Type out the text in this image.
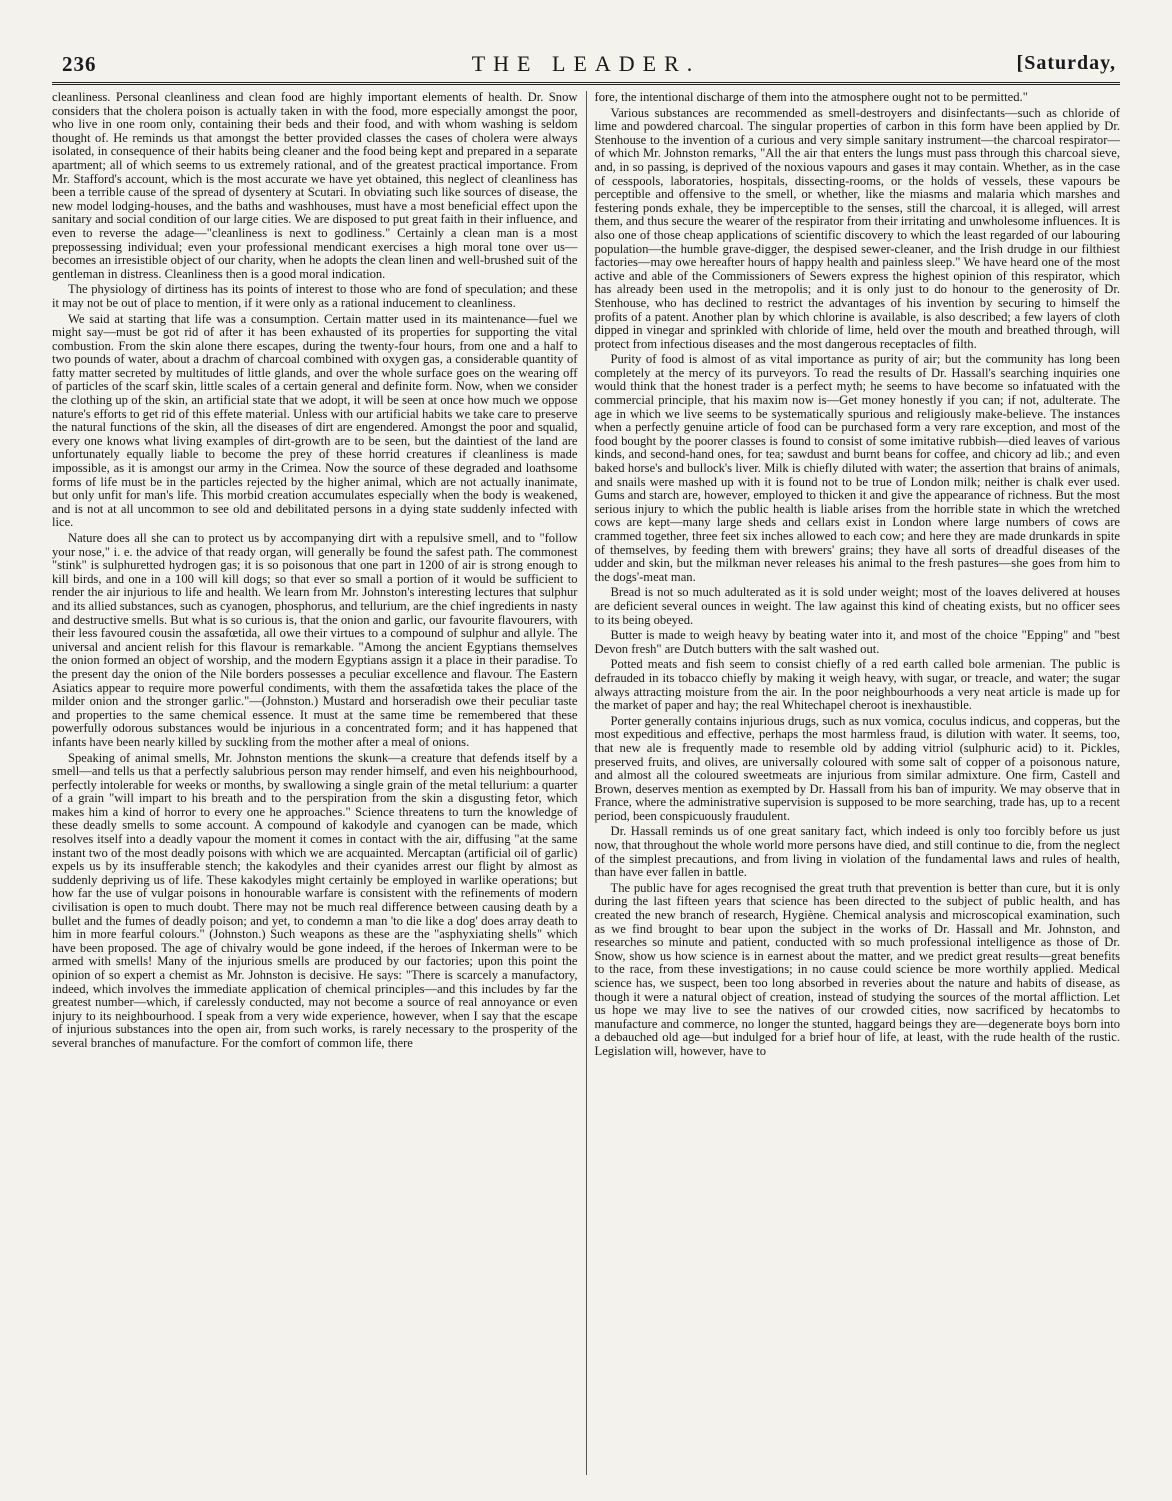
236	THE LEADER.	[Saturday,

cleanliness. Personal cleanliness and clean food are highly important elements of health. Dr. Snow considers that the cholera poison is actually taken in with the food, more especially amongst the poor, who live in one room only, containing their beds and their food, and with whom washing is seldom thought of. He reminds us that amongst the better provided classes the cases of cholera were always isolated, in consequence of their habits being cleaner and the food being kept and prepared in a separate apartment; all of which seems to us extremely rational, and of the greatest practical importance. From Mr. Stafford's account, which is the most accurate we have yet obtained, this neglect of cleanliness has been a terrible cause of the spread of dysentery at Scutari. In obviating such like sources of disease, the new model lodging-houses, and the baths and washhouses, must have a most beneficial effect upon the sanitary and social condition of our large cities. We are disposed to put great faith in their influence, and even to reverse the adage—"cleanliness is next to godliness." Certainly a clean man is a most prepossessing individual; even your professional mendicant exercises a high moral tone over us—becomes an irresistible object of our charity, when he adopts the clean linen and well-brushed suit of the gentleman in distress. Cleanliness then is a good moral indication.

The physiology of dirtiness has its points of interest to those who are fond of speculation; and these it may not be out of place to mention, if it were only as a rational inducement to cleanliness.

We said at starting that life was a consumption. Certain matter used in its maintenance—fuel we might say—must be got rid of after it has been exhausted of its properties for supporting the vital combustion. From the skin alone there escapes, during the twenty-four hours, from one and a half to two pounds of water, about a drachm of charcoal combined with oxygen gas, a considerable quantity of fatty matter secreted by multitudes of little glands, and over the whole surface goes on the wearing off of particles of the scarf skin, little scales of a certain general and definite form. Now, when we consider the clothing up of the skin, an artificial state that we adopt, it will be seen at once how much we oppose nature's efforts to get rid of this effete material. Unless with our artificial habits we take care to preserve the natural functions of the skin, all the diseases of dirt are engendered. Amongst the poor and squalid, every one knows what living examples of dirt-growth are to be seen, but the daintiest of the land are unfortunately equally liable to become the prey of these horrid creatures if cleanliness is made impossible, as it is amongst our army in the Crimea. Now the source of these degraded and loathsome forms of life must be in the particles rejected by the higher animal, which are not actually inanimate, but only unfit for man's life. This morbid creation accumulates especially when the body is weakened, and is not at all uncommon to see old and debilitated persons in a dying state suddenly infected with lice.

Nature does all she can to protect us by accompanying dirt with a repulsive smell, and to "follow your nose," i. e. the advice of that ready organ, will generally be found the safest path. The commonest "stink" is sulphuretted hydrogen gas; it is so poisonous that one part in 1200 of air is strong enough to kill birds, and one in a 100 will kill dogs; so that ever so small a portion of it would be sufficient to render the air injurious to life and health. We learn from Mr. Johnston's interesting lectures that sulphur and its allied substances, such as cyanogen, phosphorus, and tellurium, are the chief ingredients in nasty and destructive smells. But what is so curious is, that the onion and garlic, our favourite flavourers, with their less favoured cousin the assafœtida, all owe their virtues to a compound of sulphur and allyle. The universal and ancient relish for this flavour is remarkable. "Among the ancient Egyptians themselves the onion formed an object of worship, and the modern Egyptians assign it a place in their paradise. To the present day the onion of the Nile borders possesses a peculiar excellence and flavour. The Eastern Asiatics appear to require more powerful condiments, with them the assafœtida takes the place of the milder onion and the stronger garlic."—(Johnston.) Mustard and horseradish owe their peculiar taste and properties to the same chemical essence. It must at the same time be remembered that these powerfully odorous substances would be injurious in a concentrated form; and it has happened that infants have been nearly killed by suckling from the mother after a meal of onions.

Speaking of animal smells, Mr. Johnston mentions the skunk—a creature that defends itself by a smell—and tells us that a perfectly salubrious person may render himself, and even his neighbourhood, perfectly intolerable for weeks or months, by swallowing a single grain of the metal tellurium: a quarter of a grain "will impart to his breath and to the perspiration from the skin a disgusting fetor, which makes him a kind of horror to every one he approaches." Science threatens to turn the knowledge of these deadly smells to some account. A compound of kakodyle and cyanogen can be made, which resolves itself into a deadly vapour the moment it comes in contact with the air, diffusing "at the same instant two of the most deadly poisons with which we are acquainted. Mercaptan (artificial oil of garlic) expels us by its insufferable stench; the kakodyles and their cyanides arrest our flight by almost as suddenly depriving us of life. These kakodyles might certainly be employed in warlike operations; but how far the use of vulgar poisons in honourable warfare is consistent with the refinements of modern civilisation is open to much doubt. There may not be much real difference between causing death by a bullet and the fumes of deadly poison; and yet, to condemn a man 'to die like a dog' does array death to him in more fearful colours." (Johnston.) Such weapons as these are the "asphyxiating shells" which have been proposed. The age of chivalry would be gone indeed, if the heroes of Inkerman were to be armed with smells! Many of the injurious smells are produced by our factories; upon this point the opinion of so expert a chemist as Mr. Johnston is decisive. He says: "There is scarcely a manufactory, indeed, which involves the immediate application of chemical principles—and this includes by far the greatest number—which, if carelessly conducted, may not become a source of real annoyance or even injury to its neighbourhood. I speak from a very wide experience, however, when I say that the escape of injurious substances into the open air, from such works, is rarely necessary to the prosperity of the several branches of manufacture. For the comfort of common life, there

fore, the intentional discharge of them into the atmosphere ought not to be permitted."

Various substances are recommended as smell-destroyers and disinfectants—such as chloride of lime and powdered charcoal. The singular properties of carbon in this form have been applied by Dr. Stenhouse to the invention of a curious and very simple sanitary instrument—the charcoal respirator—of which Mr. Johnston remarks, "All the air that enters the lungs must pass through this charcoal sieve, and, in so passing, is deprived of the noxious vapours and gases it may contain. Whether, as in the case of cesspools, laboratories, hospitals, dissecting-rooms, or the holds of vessels, these vapours be perceptible and offensive to the smell, or whether, like the miasms and malaria which marshes and festering ponds exhale, they be imperceptible to the senses, still the charcoal, it is alleged, will arrest them, and thus secure the wearer of the respirator from their irritating and unwholesome influences. It is also one of those cheap applications of scientific discovery to which the least regarded of our labouring population—the humble grave-digger, the despised sewer-cleaner, and the Irish drudge in our filthiest factories—may owe hereafter hours of happy health and painless sleep." We have heard one of the most active and able of the Commissioners of Sewers express the highest opinion of this respirator, which has already been used in the metropolis; and it is only just to do honour to the generosity of Dr. Stenhouse, who has declined to restrict the advantages of his invention by securing to himself the profits of a patent. Another plan by which chlorine is available, is also described; a few layers of cloth dipped in vinegar and sprinkled with chloride of lime, held over the mouth and breathed through, will protect from infectious diseases and the most dangerous receptacles of filth.

Purity of food is almost of as vital importance as purity of air; but the community has long been completely at the mercy of its purveyors. To read the results of Dr. Hassall's searching inquiries one would think that the honest trader is a perfect myth; he seems to have become so infatuated with the commercial principle, that his maxim now is—Get money honestly if you can; if not, adulterate. The age in which we live seems to be systematically spurious and religiously make-believe. The instances when a perfectly genuine article of food can be purchased form a very rare exception, and most of the food bought by the poorer classes is found to consist of some imitative rubbish—died leaves of various kinds, and second-hand ones, for tea; sawdust and burnt beans for coffee, and chicory ad lib.; and even baked horse's and bullock's liver. Milk is chiefly diluted with water; the assertion that brains of animals, and snails were mashed up with it is found not to be true of London milk; neither is chalk ever used. Gums and starch are, however, employed to thicken it and give the appearance of richness. But the most serious injury to which the public health is liable arises from the horrible state in which the wretched cows are kept—many large sheds and cellars exist in London where large numbers of cows are crammed together, three feet six inches allowed to each cow; and here they are made drunkards in spite of themselves, by feeding them with brewers' grains; they have all sorts of dreadful diseases of the udder and skin, but the milkman never releases his animal to the fresh pastures—she goes from him to the dogs'-meat man.

Bread is not so much adulterated as it is sold under weight; most of the loaves delivered at houses are deficient several ounces in weight. The law against this kind of cheating exists, but no officer sees to its being obeyed.

Butter is made to weigh heavy by beating water into it, and most of the choice "Epping" and "best Devon fresh" are Dutch butters with the salt washed out.

Potted meats and fish seem to consist chiefly of a red earth called bole armenian. The public is defrauded in its tobacco chiefly by making it weigh heavy, with sugar, or treacle, and water; the sugar always attracting moisture from the air. In the poor neighbourhoods a very neat article is made up for the market of paper and hay; the real Whitechapel cheroot is inexhaustible.

Porter generally contains injurious drugs, such as nux vomica, coculus indicus, and copperas, but the most expeditious and effective, perhaps the most harmless fraud, is dilution with water. It seems, too, that new ale is frequently made to resemble old by adding vitriol (sulphuric acid) to it. Pickles, preserved fruits, and olives, are universally coloured with some salt of copper of a poisonous nature, and almost all the coloured sweetmeats are injurious from similar admixture. One firm, Castell and Brown, deserves mention as exempted by Dr. Hassall from his ban of impurity. We may observe that in France, where the administrative supervision is supposed to be more searching, trade has, up to a recent period, been conspicuously fraudulent.

Dr. Hassall reminds us of one great sanitary fact, which indeed is only too forcibly before us just now, that throughout the whole world more persons have died, and still continue to die, from the neglect of the simplest precautions, and from living in violation of the fundamental laws and rules of health, than have ever fallen in battle.

The public have for ages recognised the great truth that prevention is better than cure, but it is only during the last fifteen years that science has been directed to the subject of public health, and has created the new branch of research, Hygiène. Chemical analysis and microscopical examination, such as we find brought to bear upon the subject in the works of Dr. Hassall and Mr. Johnston, and researches so minute and patient, conducted with so much professional intelligence as those of Dr. Snow, show us how science is in earnest about the matter, and we predict great results—great benefits to the race, from these investigations; in no cause could science be more worthily applied. Medical science has, we suspect, been too long absorbed in reveries about the nature and habits of disease, as though it were a natural object of creation, instead of studying the sources of the mortal affliction. Let us hope we may live to see the natives of our crowded cities, now sacrificed by hecatombs to manufacture and commerce, no longer the stunted, haggard beings they are—degenerate boys born into a debauched old age—but indulged for a brief hour of life, at least, with the rude health of the rustic. Legislation will, however, have to
